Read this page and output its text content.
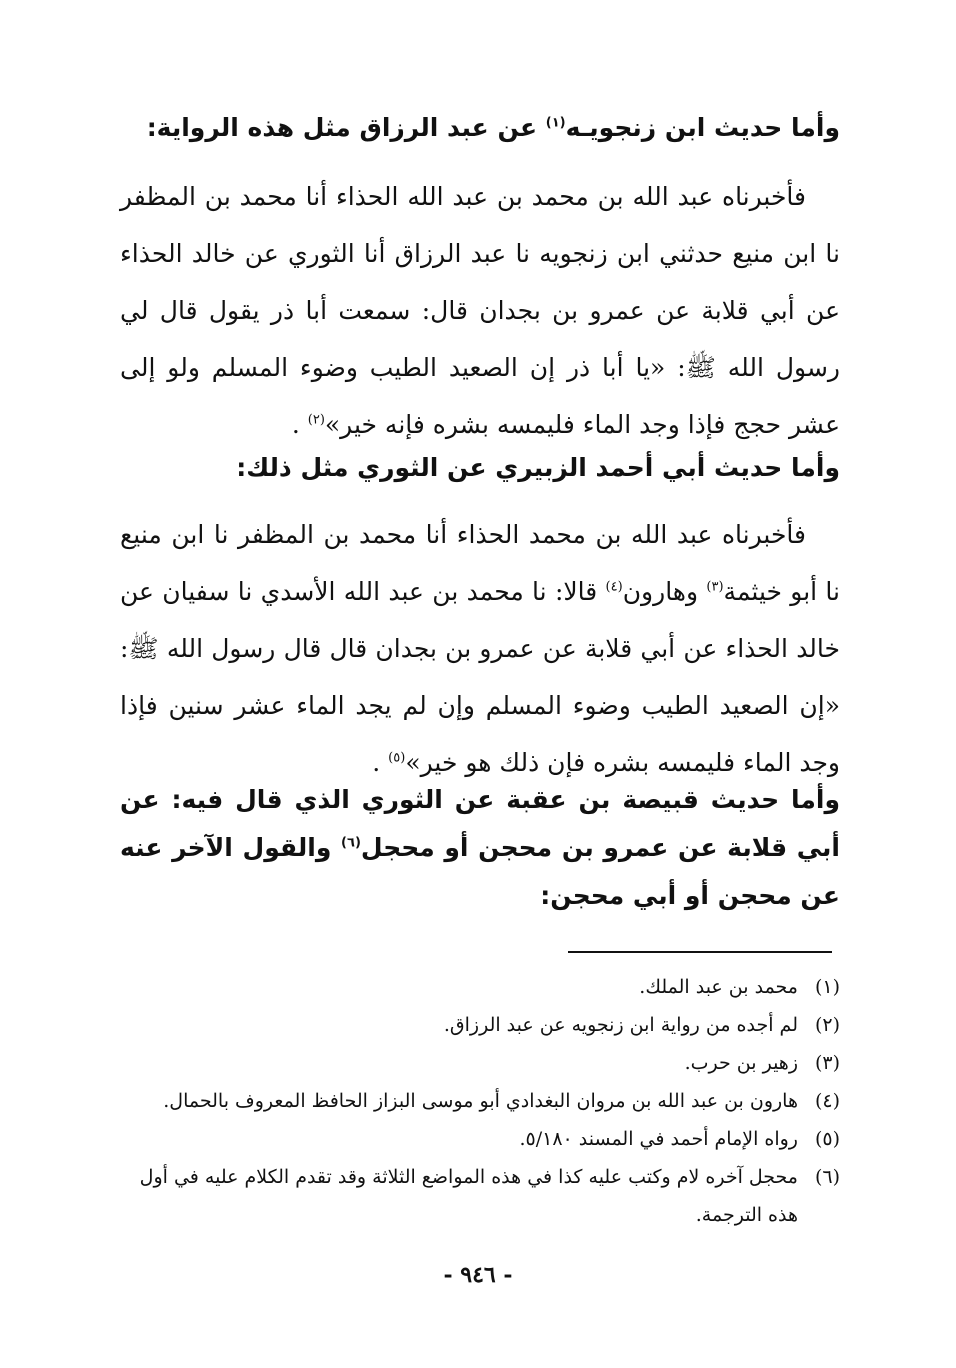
وأما حديث ابن زنجويـه$^{(١)}$ عن عبد الرزاق مثل هذه الرواية:
فأخبرناه عبد الله بن محمد بن عبد الله الحذاء أنا محمد بن المظفر نا ابن منيع حدثني ابن زنجويه نا عبد الرزاق أنا الثوري عن خالد الحذاء عن أبي قلابة عن عمرو بن بجدان قال: سمعت أبا ذر يقول قال لي رسول الله ﷺ: «يا أبا ذر إن الصعيد الطيب وضوء المسلم ولو إلى عشر حجج فإذا وجد الماء فليمسه بشره فإنه خير»$^{(٢)}$ .
وأما حديث أبي أحمد الزبيري عن الثوري مثل ذلك:
فأخبرناه عبد الله بن محمد الحذاء أنا محمد بن المظفر نا ابن منيع نا أبو خيثمة$^{(٣)}$ وهارون$^{(٤)}$ قالا: نا محمد بن عبد الله الأسدي نا سفيان عن خالد الحذاء عن أبي قلابة عن عمرو بن بجدان قال قال رسول الله ﷺ: «إن الصعيد الطيب وضوء المسلم وإن لم يجد الماء عشر سنين فإذا وجد الماء فليمسه بشره فإن ذلك هو خير»$^{(٥)}$ .
وأما حديث قبيصة بن عقبة عن الثوري الذي قال فيه: عن أبي قلابة عن عمرو بن محجن أو محجل$^{(٦)}$ والقول الآخر عنه عن محجن أو أبي محجن:
(١)
محمد بن عبد الملك.
(٢)
لم أجده من رواية ابن زنجويه عن عبد الرزاق.
(٣)
زهير بن حرب.
(٤)
هارون بن عبد الله بن مروان البغدادي أبو موسى البزاز الحافظ المعروف بالحمال.
(٥)
رواه الإمام أحمد في المسند ٥/١٨٠.
(٦)
محجل آخره لام وكتب عليه كذا في هذه المواضع الثلاثة وقد تقدم الكلام عليه في أول هذه الترجمة.
- ٩٤٦ -
